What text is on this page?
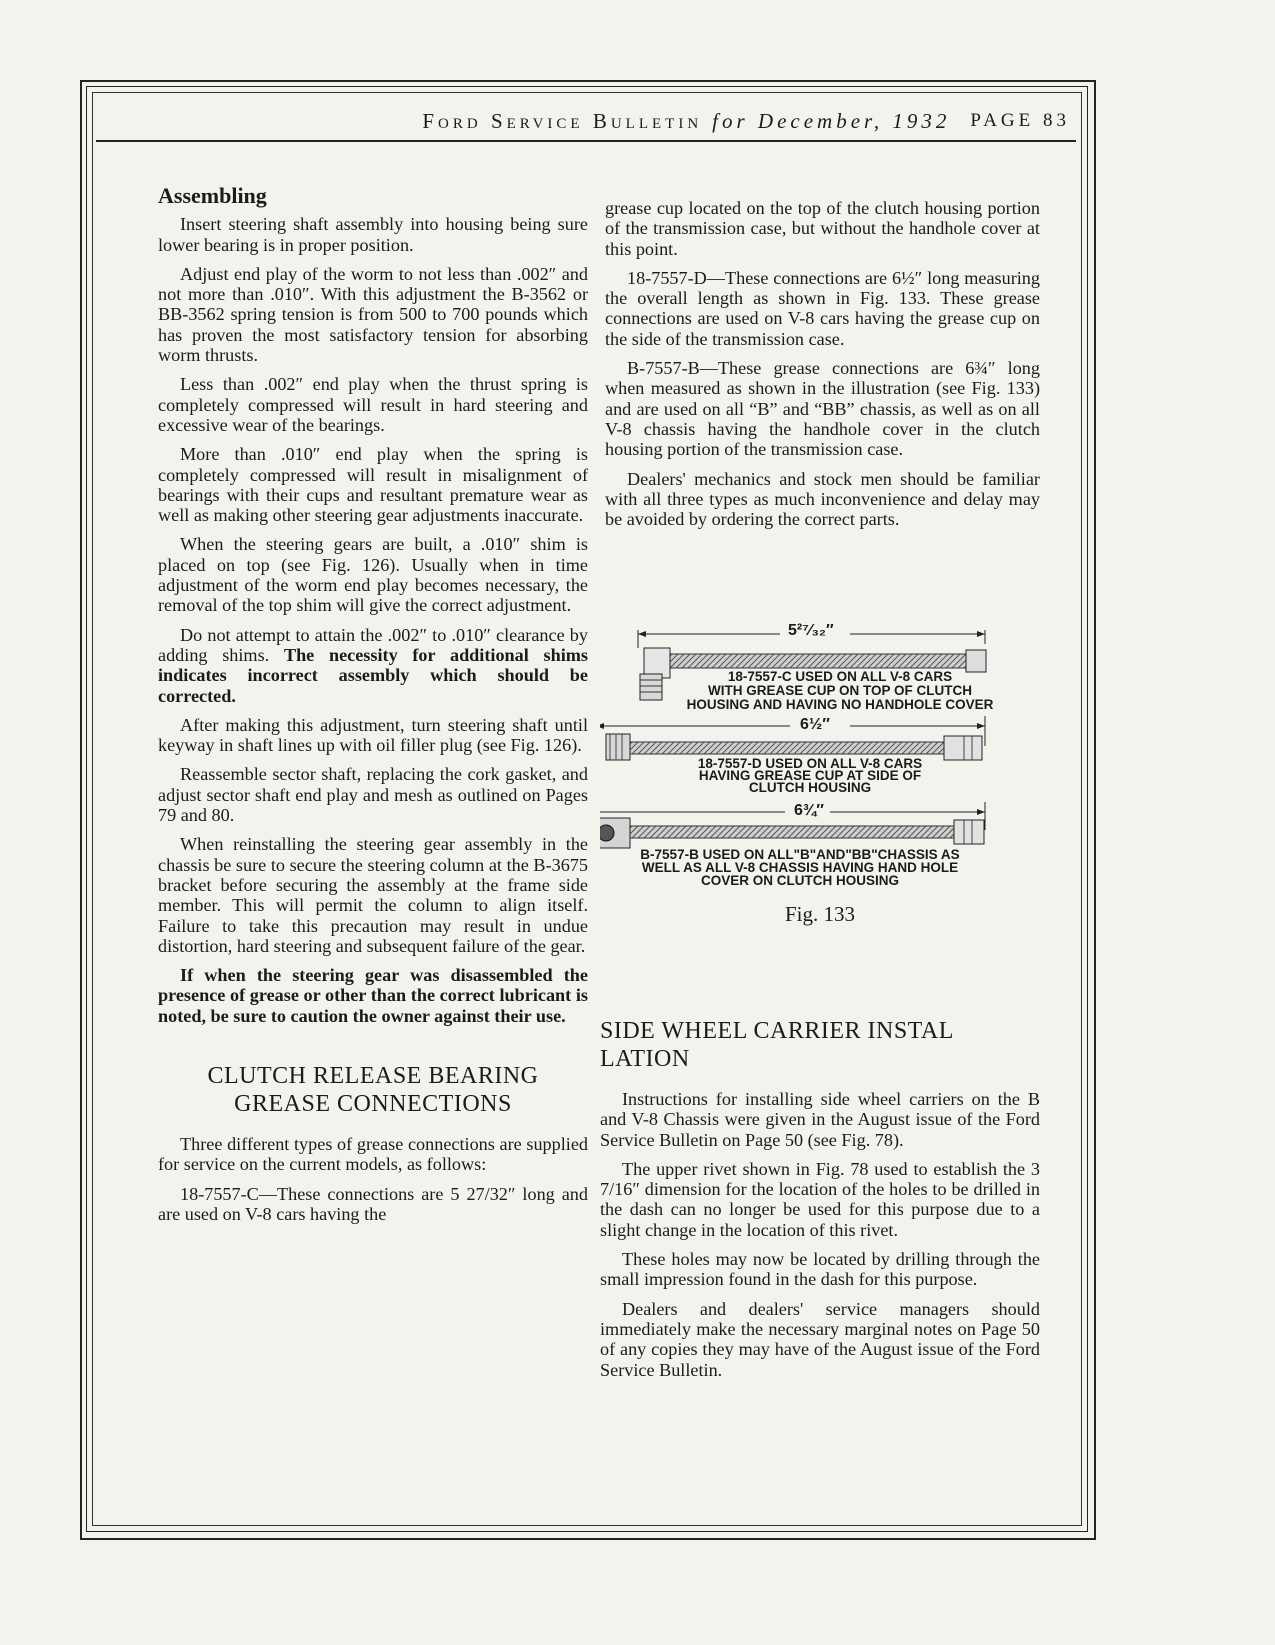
Ford Service Bulletin for December, 1932 PAGE 83
Assembling

Insert steering shaft assembly into housing being sure lower bearing is in proper position.

Adjust end play of the worm to not less than .002″ and not more than .010″. With this adjustment the B-3562 or BB-3562 spring tension is from 500 to 700 pounds which has proven the most satisfactory tension for absorbing worm thrusts.

Less than .002″ end play when the thrust spring is completely compressed will result in hard steering and excessive wear of the bearings.

More than .010″ end play when the spring is completely compressed will result in misalignment of bearings with their cups and resultant premature wear as well as making other steering gear adjustments inaccurate.

When the steering gears are built, a .010″ shim is placed on top (see Fig. 126). Usually when in time adjustment of the worm end play becomes necessary, the removal of the top shim will give the correct adjustment.

Do not attempt to attain the .002″ to .010″ clearance by adding shims. The necessity for additional shims indicates incorrect assembly which should be corrected.

After making this adjustment, turn steering shaft until keyway in shaft lines up with oil filler plug (see Fig. 126).

Reassemble sector shaft, replacing the cork gasket, and adjust sector shaft end play and mesh as outlined on Pages 79 and 80.

When reinstalling the steering gear assembly in the chassis be sure to secure the steering column at the B-3675 bracket before securing the assembly at the frame side member. This will permit the column to align itself. Failure to take this precaution may result in undue distortion, hard steering and subsequent failure of the gear.

If when the steering gear was disassembled the presence of grease or other than the correct lubricant is noted, be sure to caution the owner against their use.

CLUTCH RELEASE BEARING
GREASE CONNECTIONS

Three different types of grease connections are supplied for service on the current models, as follows:

18-7557-C—These connections are 5 27/32″ long and are used on V-8 cars having the

grease cup located on the top of the clutch housing portion of the transmission case, but without the handhole cover at this point.

18-7557-D—These connections are 6½″ long measuring the overall length as shown in Fig. 133. These grease connections are used on V-8 cars having the grease cup on the side of the transmission case.

B-7557-B—These grease connections are 6¾″ long when measured as shown in the illustration (see Fig. 133) and are used on all “B” and “BB” chassis, as well as on all V-8 chassis having the handhole cover in the clutch housing portion of the transmission case.

Dealers' mechanics and stock men should be familiar with all three types as much inconvenience and delay may be avoided by ordering the correct parts.

5²⁷⁄₃₂″
18-7557-C USED ON ALL V-8 CARS
WITH GREASE CUP ON TOP OF CLUTCH
HOUSING AND HAVING NO HANDHOLE COVER
6½″
18-7557-D USED ON ALL V-8 CARS
HAVING GREASE CUP AT SIDE OF
CLUTCH HOUSING
6¾″
B-7557-B USED ON ALL"B"AND"BB"CHASSIS AS
WELL AS ALL V-8 CHASSIS HAVING HAND HOLE
COVER ON CLUTCH HOUSING
Fig. 133
SIDE WHEEL CARRIER INSTAL
LATION

Instructions for installing side wheel carriers on the B and V-8 Chassis were given in the August issue of the Ford Service Bulletin on Page 50 (see Fig. 78).

The upper rivet shown in Fig. 78 used to establish the 3 7/16″ dimension for the location of the holes to be drilled in the dash can no longer be used for this purpose due to a slight change in the location of this rivet.

These holes may now be located by drilling through the small impression found in the dash for this purpose.

Dealers and dealers' service managers should immediately make the necessary marginal notes on Page 50 of any copies they may have of the August issue of the Ford Service Bulletin.
